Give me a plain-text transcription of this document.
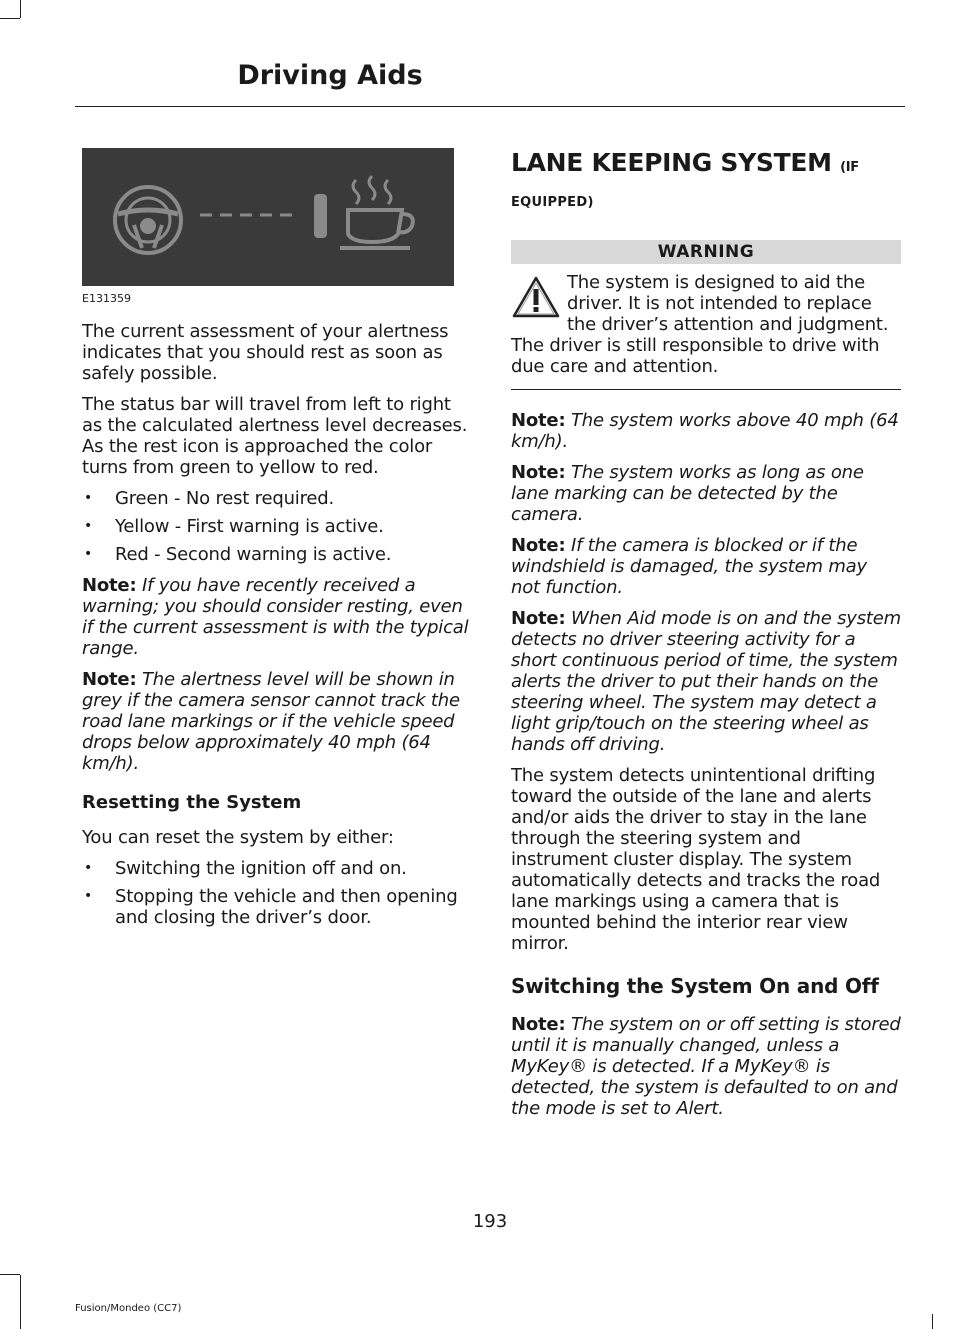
Driving Aids
E131359

The current assessment of your alertness indicates that you should rest as soon as safely possible.

The status bar will travel from left to right as the calculated alertness level decreases. As the rest icon is approached the color turns from green to yellow to red.

• Green - No rest required.
• Yellow - First warning is active.
• Red - Second warning is active.

Note: If you have recently received a warning; you should consider resting, even if the current assessment is with the typical range.

Note: The alertness level will be shown in grey if the camera sensor cannot track the road lane markings or if the vehicle speed drops below approximately 40 mph (64 km/h).

Resetting the System

You can reset the system by either:

• Switching the ignition off and on.
• Stopping the vehicle and then opening and closing the driver’s door.
LANE KEEPING SYSTEM (IF
EQUIPPED)
WARNING

The system is designed to aid the driver. It is not intended to replace the driver’s attention and judgment. The driver is still responsible to drive with due care and attention.

Note: The system works above 40 mph (64 km/h).

Note: The system works as long as one lane marking can be detected by the camera.

Note: If the camera is blocked or if the windshield is damaged, the system may not function.

Note: When Aid mode is on and the system detects no driver steering activity for a short continuous period of time, the system alerts the driver to put their hands on the steering wheel. The system may detect a light grip/touch on the steering wheel as hands off driving.

The system detects unintentional drifting toward the outside of the lane and alerts and/or aids the driver to stay in the lane through the steering system and instrument cluster display. The system automatically detects and tracks the road lane markings using a camera that is mounted behind the interior rear view mirror.

Switching the System On and Off

Note: The system on or off setting is stored until it is manually changed, unless a MyKey® is detected. If a MyKey® is detected, the system is defaulted to on and the mode is set to Alert.

193
Fusion/Mondeo (CC7)
